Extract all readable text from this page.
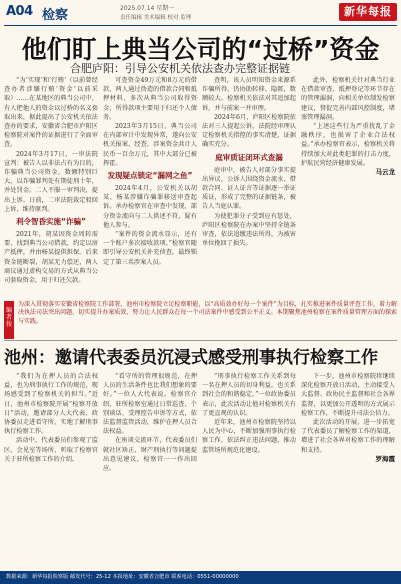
A04 检察	2025.07.14 星期一
责任编辑 美术编辑 校对 监理	新华每报
他们盯上典当公司的“过桥”资金
合肥庐阳：引导公安机关依法查办完整证据链

“为‘实现’和‘行贿’（以前曾经查办者涉嫌行贿‘资金’以前采取）……在某地区的典当公司中，有人把他人的资金以过桥的名义套取出来，据此提出了公安机关依法查办的要求，安徽省合肥市庐阳区检察院对案件的证据进行了全面审查。

2024年3月17日，一审法院宣判：被告人以非法占有为目的，诈骗典当公司资金，数额特别巨大，以诈骗罪判处有期徒刑十年，并处罚金。二人不服一审判决，提出上诉。日前，二审法院裁定驳回上诉，维持原判。

利令智昏实施“诈骗”

2021年，胡某因资金周转需要，找到典当公司借款，约定以房产抵押，并由杨某提供担保。后来资金链断裂，胡某无力偿还，两人商议通过虚构交易的方式从典当公司套取资金，用于归还欠款。

可查资金49万元和8万元的借款，两人通过伪造的借款合同和抵押材料，多次从典当公司取得资金，所得款项主要用于归还个人债务。

2023年3月15日，典当公司在内部审计中发现异常，遂向公安机关报案。经查，涉案资金共计人民币一百余万元，其中大部分已被挥霍。

发现疑点锁定“漏网之鱼”

2024年4月，公安机关以胡某、杨某涉嫌诈骗罪移送审查起诉。承办检察官在审查中发现，部分资金流向与二人供述不符，疑有他人参与。

“案件的资金流水显示，还有一个账户多次接收款项。”检察官随即引导公安机关补充侦查，最终锁定了第三名涉案人员。

查明，该人员明知资金来源系诈骗所得，仍协助转移、隐匿，数额较大。检察机关依法对其追加起诉，并与前案一并审理。

2024年6月，庐阳区检察院依法对三人提起公诉，法院经审理认定检察机关指控的事实清楚，证据确实充分。

庭审质证闭环式查漏

庭审中，被告人对部分事实提出异议，公诉人围绕资金流水、借款合同、证人证言等证据逐一举证质证，形成了完整的证据链条，被告人当庭认罪。

为使犯罪分子受到应有惩处，庐阳区检察院在办案中坚持全链条审查，依法追缴违法所得，为被害单位挽回了损失。

此外，检察机关针对典当行业在借款审查、抵押登记等环节存在的管理漏洞，向相关单位制发检察建议，督促完善内部风控制度，堵塞管理漏洞。

“上述这些行为严重扰乱了金融秩序，也损害了企业合法权益。”承办检察官表示，检察机关将持续加大对此类犯罪的打击力度，护航民营经济健康发展。

马云龙

编者按
为深入贯彻落实安徽省检察院工作部署，池州市检察院立足检察职能，以“高质效办好每一个案件”为目标，扎实推进案件质量评查工作，着力解决执法司法突出问题，切实提升办案质效，努力让人民群众在每一个司法案件中感受到公平正义。本期聚焦池州检察在案件质量管理方面的探索与实践。
池州：邀请代表委员沉浸式感受刑事执行检察工作

“我们为在押人员的合法权益，也为刑事执行工作的规范，现场感受到了检察机关的担当。”近日，池州市检察院开展“检察开放日”活动，邀请部分人大代表、政协委员走进看守所，实地了解刑事执行检察工作。

活动中，代表委员们参观了监区、会见室等场所，听取了检察官关于驻所检察工作的介绍。

“看守所的管理很规范，在押人员的生活条件也比我们想象的要好。”一位人大代表说。检察官介绍，驻所检察室通过日常巡查、个别谈话、受理控告申诉等方式，依法监督监管活动，维护在押人员合法权益。

在座谈交流环节，代表委员们就社区矫正、财产刑执行等问题提出意见建议，检察官一一作出回应。

“刑事执行检察工作关系到每一名在押人员的切身利益，也关系到社会的和谐稳定。”一位政协委员表示，此次活动让他对检察机关有了更直观的认识。

近年来，池州市检察院坚持以人民为中心，不断加强刑事执行检察工作，依法纠正违法问题，推动监管场所规范化建设。

下一步，池州市检察院将继续深化检察开放日活动，主动接受人大监督、政协民主监督和社会各界监督，以更加公开透明的方式展示检察工作，不断提升司法公信力。

此次活动的开展，进一步拓宽了代表委员了解检察工作的渠道，增进了社会各界对检察工作的理解和支持。

罗海霞

数据来源：新华每报检察版 邮发代号：25-12 本报地址：安徽省合肥市 联系电话：0551-00000000
